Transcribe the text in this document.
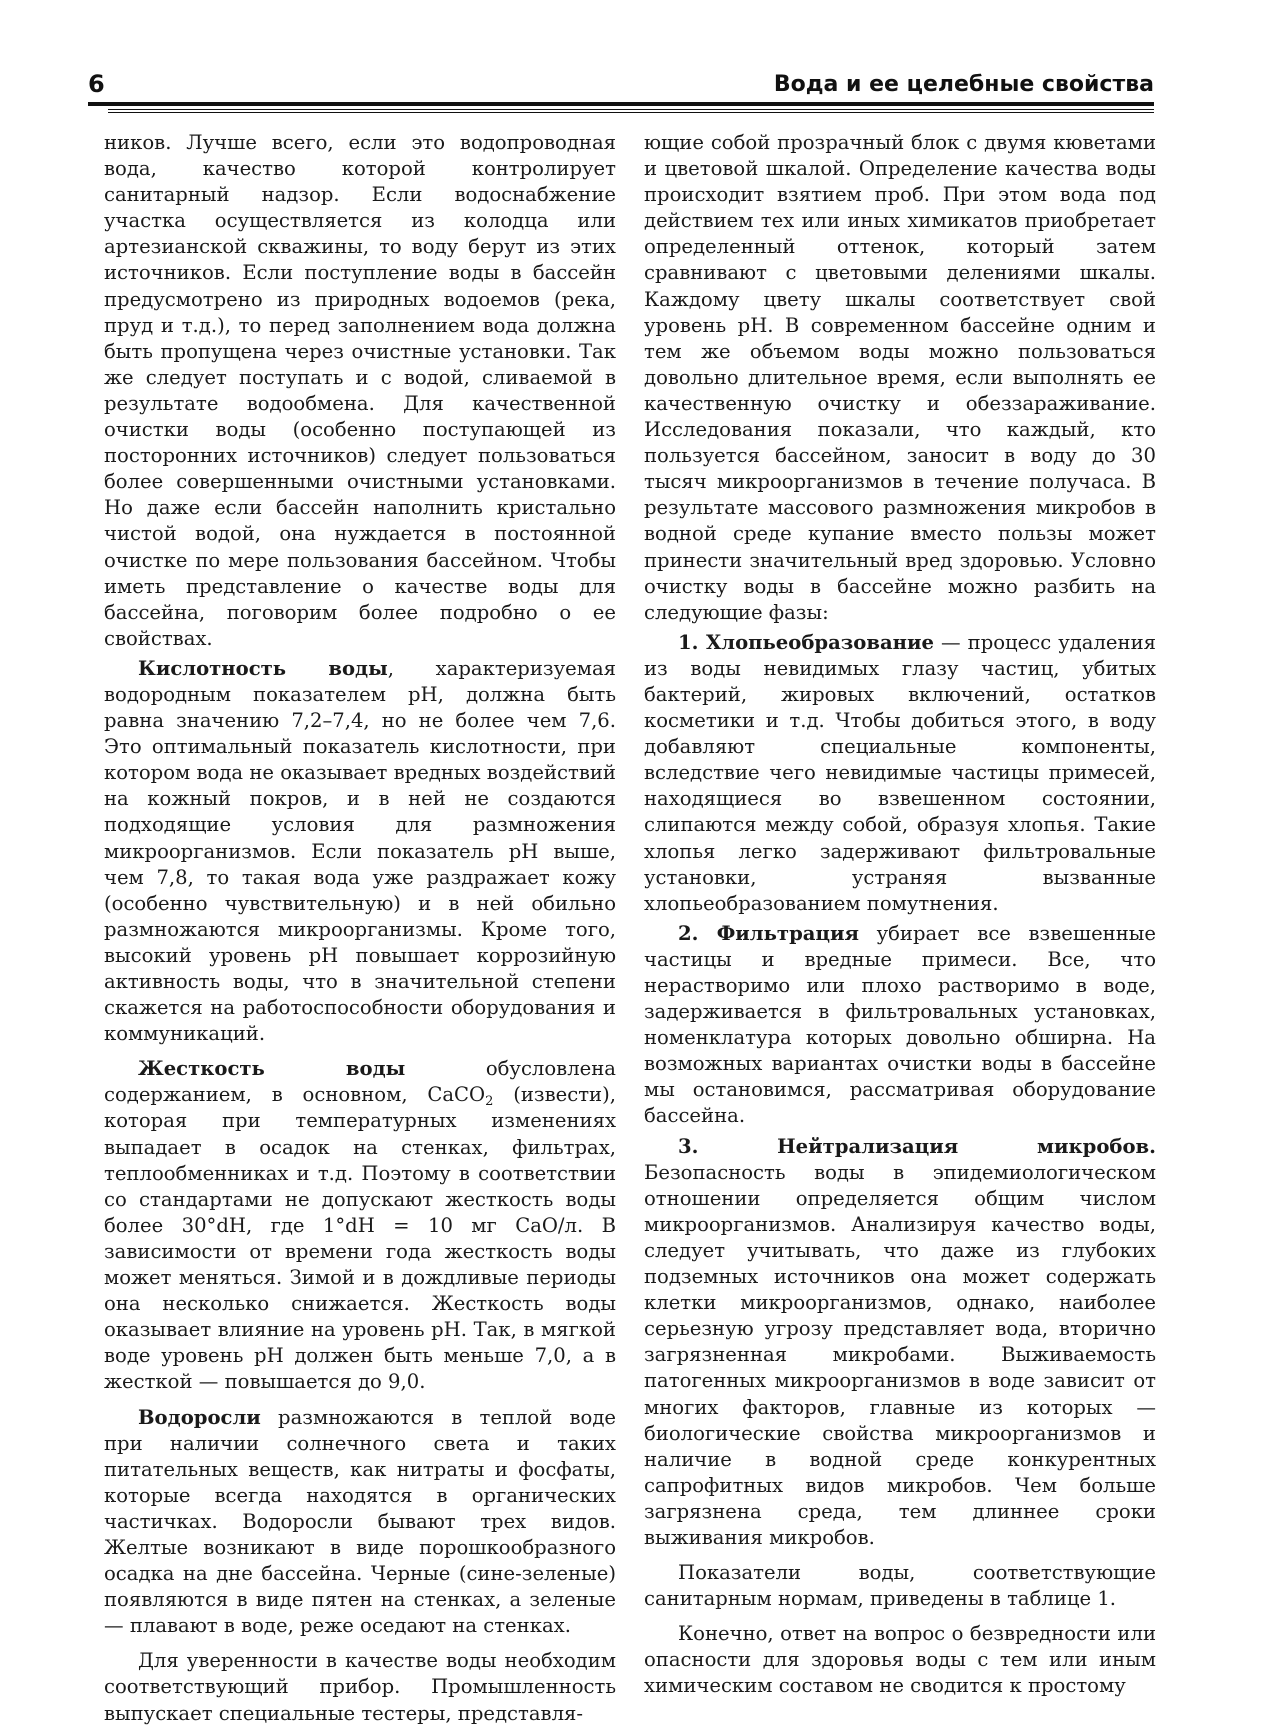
6	Вода и ее целебные свойства

ников. Лучше всего, если это водопроводная вода, качество которой контролирует санитарный надзор. Если водоснабжение участка осуществляется из колодца или артезианской скважины, то воду берут из этих источников. Если поступление воды в бассейн предусмотрено из природных водоемов (река, пруд и т.д.), то перед заполнением вода должна быть пропущена через очистные установки. Так же следует поступать и с водой, сливаемой в результате водообмена. Для качественной очистки воды (особенно поступающей из посторонних источников) следует пользоваться более совершенными очистными установками. Но даже если бассейн наполнить кристально чистой водой, она нуждается в постоянной очистке по мере пользования бассейном. Чтобы иметь представление о качестве воды для бассейна, поговорим более подробно о ее свойствах.

Кислотность воды, характеризуемая водородным показателем pH, должна быть равна значению 7,2–7,4, но не более чем 7,6. Это оптимальный показатель кислотности, при котором вода не оказывает вредных воздействий на кожный покров, и в ней не создаются подходящие условия для размножения микроорганизмов. Если показатель pH выше, чем 7,8, то такая вода уже раздражает кожу (особенно чувствительную) и в ней обильно размножаются микроорганизмы. Кроме того, высокий уровень pH повышает коррозийную активность воды, что в значительной степени скажется на работоспособности оборудования и коммуникаций.

Жесткость воды обусловлена содержанием, в основном, CaCO$_2$ (извести), которая при температурных изменениях выпадает в осадок на стенках, фильтрах, теплообменниках и т.д. Поэтому в соответствии со стандартами не допускают жесткость воды более 30°dH, где 1°dH = 10 мг CaO/л. В зависимости от времени года жесткость воды может меняться. Зимой и в дождливые периоды она несколько снижается. Жесткость воды оказывает влияние на уровень pH. Так, в мягкой воде уровень pH должен быть меньше 7,0, а в жесткой — повышается до 9,0.

Водоросли размножаются в теплой воде при наличии солнечного света и таких питательных веществ, как нитраты и фосфаты, которые всегда находятся в органических частичках. Водоросли бывают трех видов. Желтые возникают в виде порошкообразного осадка на дне бассейна. Черные (сине-зеленые) появляются в виде пятен на стенках, а зеленые — плавают в воде, реже оседают на стенках.

Для уверенности в качестве воды необходим соответствующий прибор. Промышленность выпускает специальные тестеры, представля-

ющие собой прозрачный блок с двумя кюветами и цветовой шкалой. Определение качества воды происходит взятием проб. При этом вода под действием тех или иных химикатов приобретает определенный оттенок, который затем сравнивают с цветовыми делениями шкалы. Каждому цвету шкалы соответствует свой уровень pH. В современном бассейне одним и тем же объемом воды можно пользоваться довольно длительное время, если выполнять ее качественную очистку и обеззараживание. Исследования показали, что каждый, кто пользуется бассейном, заносит в воду до 30 тысяч микроорганизмов в течение получаса. В результате массового размножения микробов в водной среде купание вместо пользы может принести значительный вред здоровью. Условно очистку воды в бассейне можно разбить на следующие фазы:

1. Хлопьеобразование — процесс удаления из воды невидимых глазу частиц, убитых бактерий, жировых включений, остатков косметики и т.д. Чтобы добиться этого, в воду добавляют специальные компоненты, вследствие чего невидимые частицы примесей, находящиеся во взвешенном состоянии, слипаются между собой, образуя хлопья. Такие хлопья легко задерживают фильтровальные установки, устраняя вызванные хлопьеобразованием помутнения.

2. Фильтрация убирает все взвешенные частицы и вредные примеси. Все, что нерастворимо или плохо растворимо в воде, задерживается в фильтровальных установках, номенклатура которых довольно обширна. На возможных вариантах очистки воды в бассейне мы остановимся, рассматривая оборудование бассейна.

3. Нейтрализация микробов. Безопасность воды в эпидемиологическом отношении определяется общим числом микроорганизмов. Анализируя качество воды, следует учитывать, что даже из глубоких подземных источников она может содержать клетки микроорганизмов, однако, наиболее серьезную угрозу представляет вода, вторично загрязненная микробами. Выживаемость патогенных микроорганизмов в воде зависит от многих факторов, главные из которых — биологические свойства микроорганизмов и наличие в водной среде конкурентных сапрофитных видов микробов. Чем больше загрязнена среда, тем длиннее сроки выживания микробов.

Показатели воды, соответствующие санитарным нормам, приведены в таблице 1.

Конечно, ответ на вопрос о безвредности или опасности для здоровья воды с тем или иным химическим составом не сводится к простому
